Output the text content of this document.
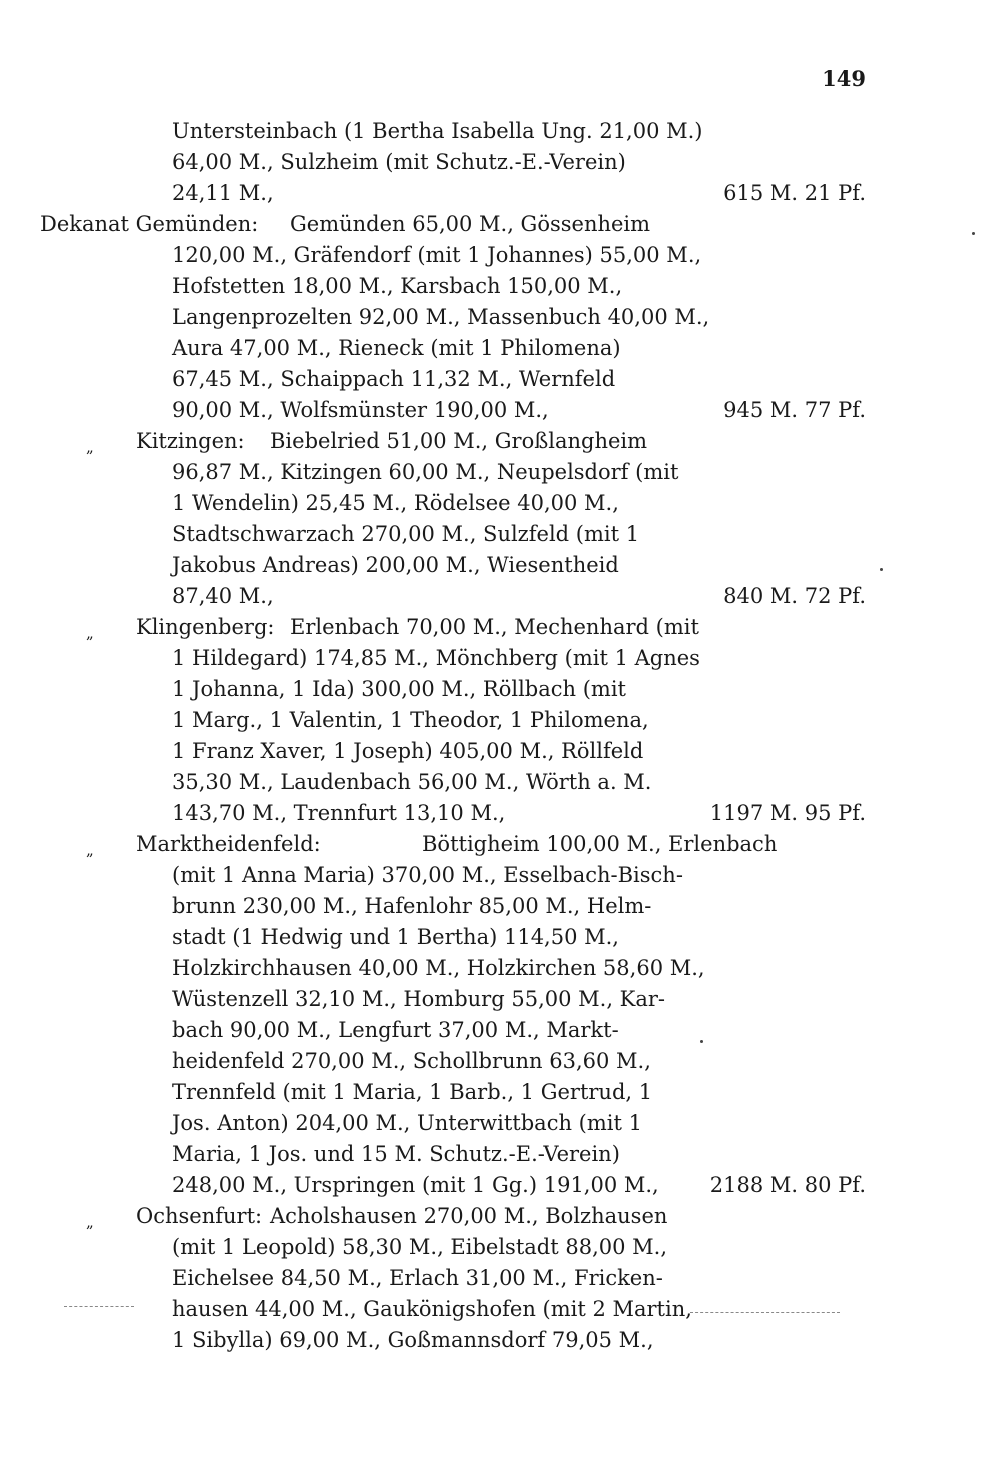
149
Untersteinbach (1 Bertha Isabella Ung. 21,00 M.)
64,00 M., Sulzheim (mit Schutz.-E.-Verein)
24,11 M.,	615 M. 21 Pf.
Dekanat Gemünden:	Gemünden 65,00 M., Gössenheim
120,00 M., Gräfendorf (mit 1 Johannes) 55,00 M.,
Hofstetten 18,00 M., Karsbach 150,00 M.,
Langenprozelten 92,00 M., Massenbuch 40,00 M.,
Aura 47,00 M., Rieneck (mit 1 Philomena)
67,45 M., Schaippach 11,32 M., Wernfeld
90,00 M., Wolfsmünster 190,00 M.,	945 M. 77 Pf.
„ Kitzingen:	Biebelried 51,00 M., Großlangheim
96,87 M., Kitzingen 60,00 M., Neupelsdorf (mit
1 Wendelin) 25,45 M., Rödelsee 40,00 M.,
Stadtschwarzach 270,00 M., Sulzfeld (mit 1
Jakobus Andreas) 200,00 M., Wiesentheid
87,40 M.,	840 M. 72 Pf.
„ Klingenberg: Erlenbach 70,00 M., Mechenhard (mit
1 Hildegard) 174,85 M., Mönchberg (mit 1 Agnes
1 Johanna, 1 Ida) 300,00 M., Röllbach (mit
1 Marg., 1 Valentin, 1 Theodor, 1 Philomena,
1 Franz Xaver, 1 Joseph) 405,00 M., Röllfeld
35,30 M., Laudenbach 56,00 M., Wörth a. M.
143,70 M., Trennfurt 13,10 M.,	1197 M. 95 Pf.
„ Marktheidenfeld:	Böttigheim 100,00 M., Erlenbach
(mit 1 Anna Maria) 370,00 M., Esselbach-Bisch-
brunn 230,00 M., Hafenlohr 85,00 M., Helm-
stadt (1 Hedwig und 1 Bertha) 114,50 M.,
Holzkirchhausen 40,00 M., Holzkirchen 58,60 M.,
Wüstenzell 32,10 M., Homburg 55,00 M., Kar-
bach 90,00 M., Lengfurt 37,00 M., Markt-
heidenfeld 270,00 M., Schollbrunn 63,60 M.,
Trennfeld (mit 1 Maria, 1 Barb., 1 Gertrud, 1
Jos. Anton) 204,00 M., Unterwittbach (mit 1
Maria, 1 Jos. und 15 M. Schutz.-E.-Verein)
248,00 M., Urspringen (mit 1 Gg.) 191,00 M.,	2188 M. 80 Pf.
„ Ochsenfurt: Acholshausen 270,00 M., Bolzhausen
(mit 1 Leopold) 58,30 M., Eibelstadt 88,00 M.,
Eichelsee 84,50 M., Erlach 31,00 M., Fricken-
hausen 44,00 M., Gaukönigshofen (mit 2 Martin,
1 Sibylla) 69,00 M., Goßmannsdorf 79,05 M.,
